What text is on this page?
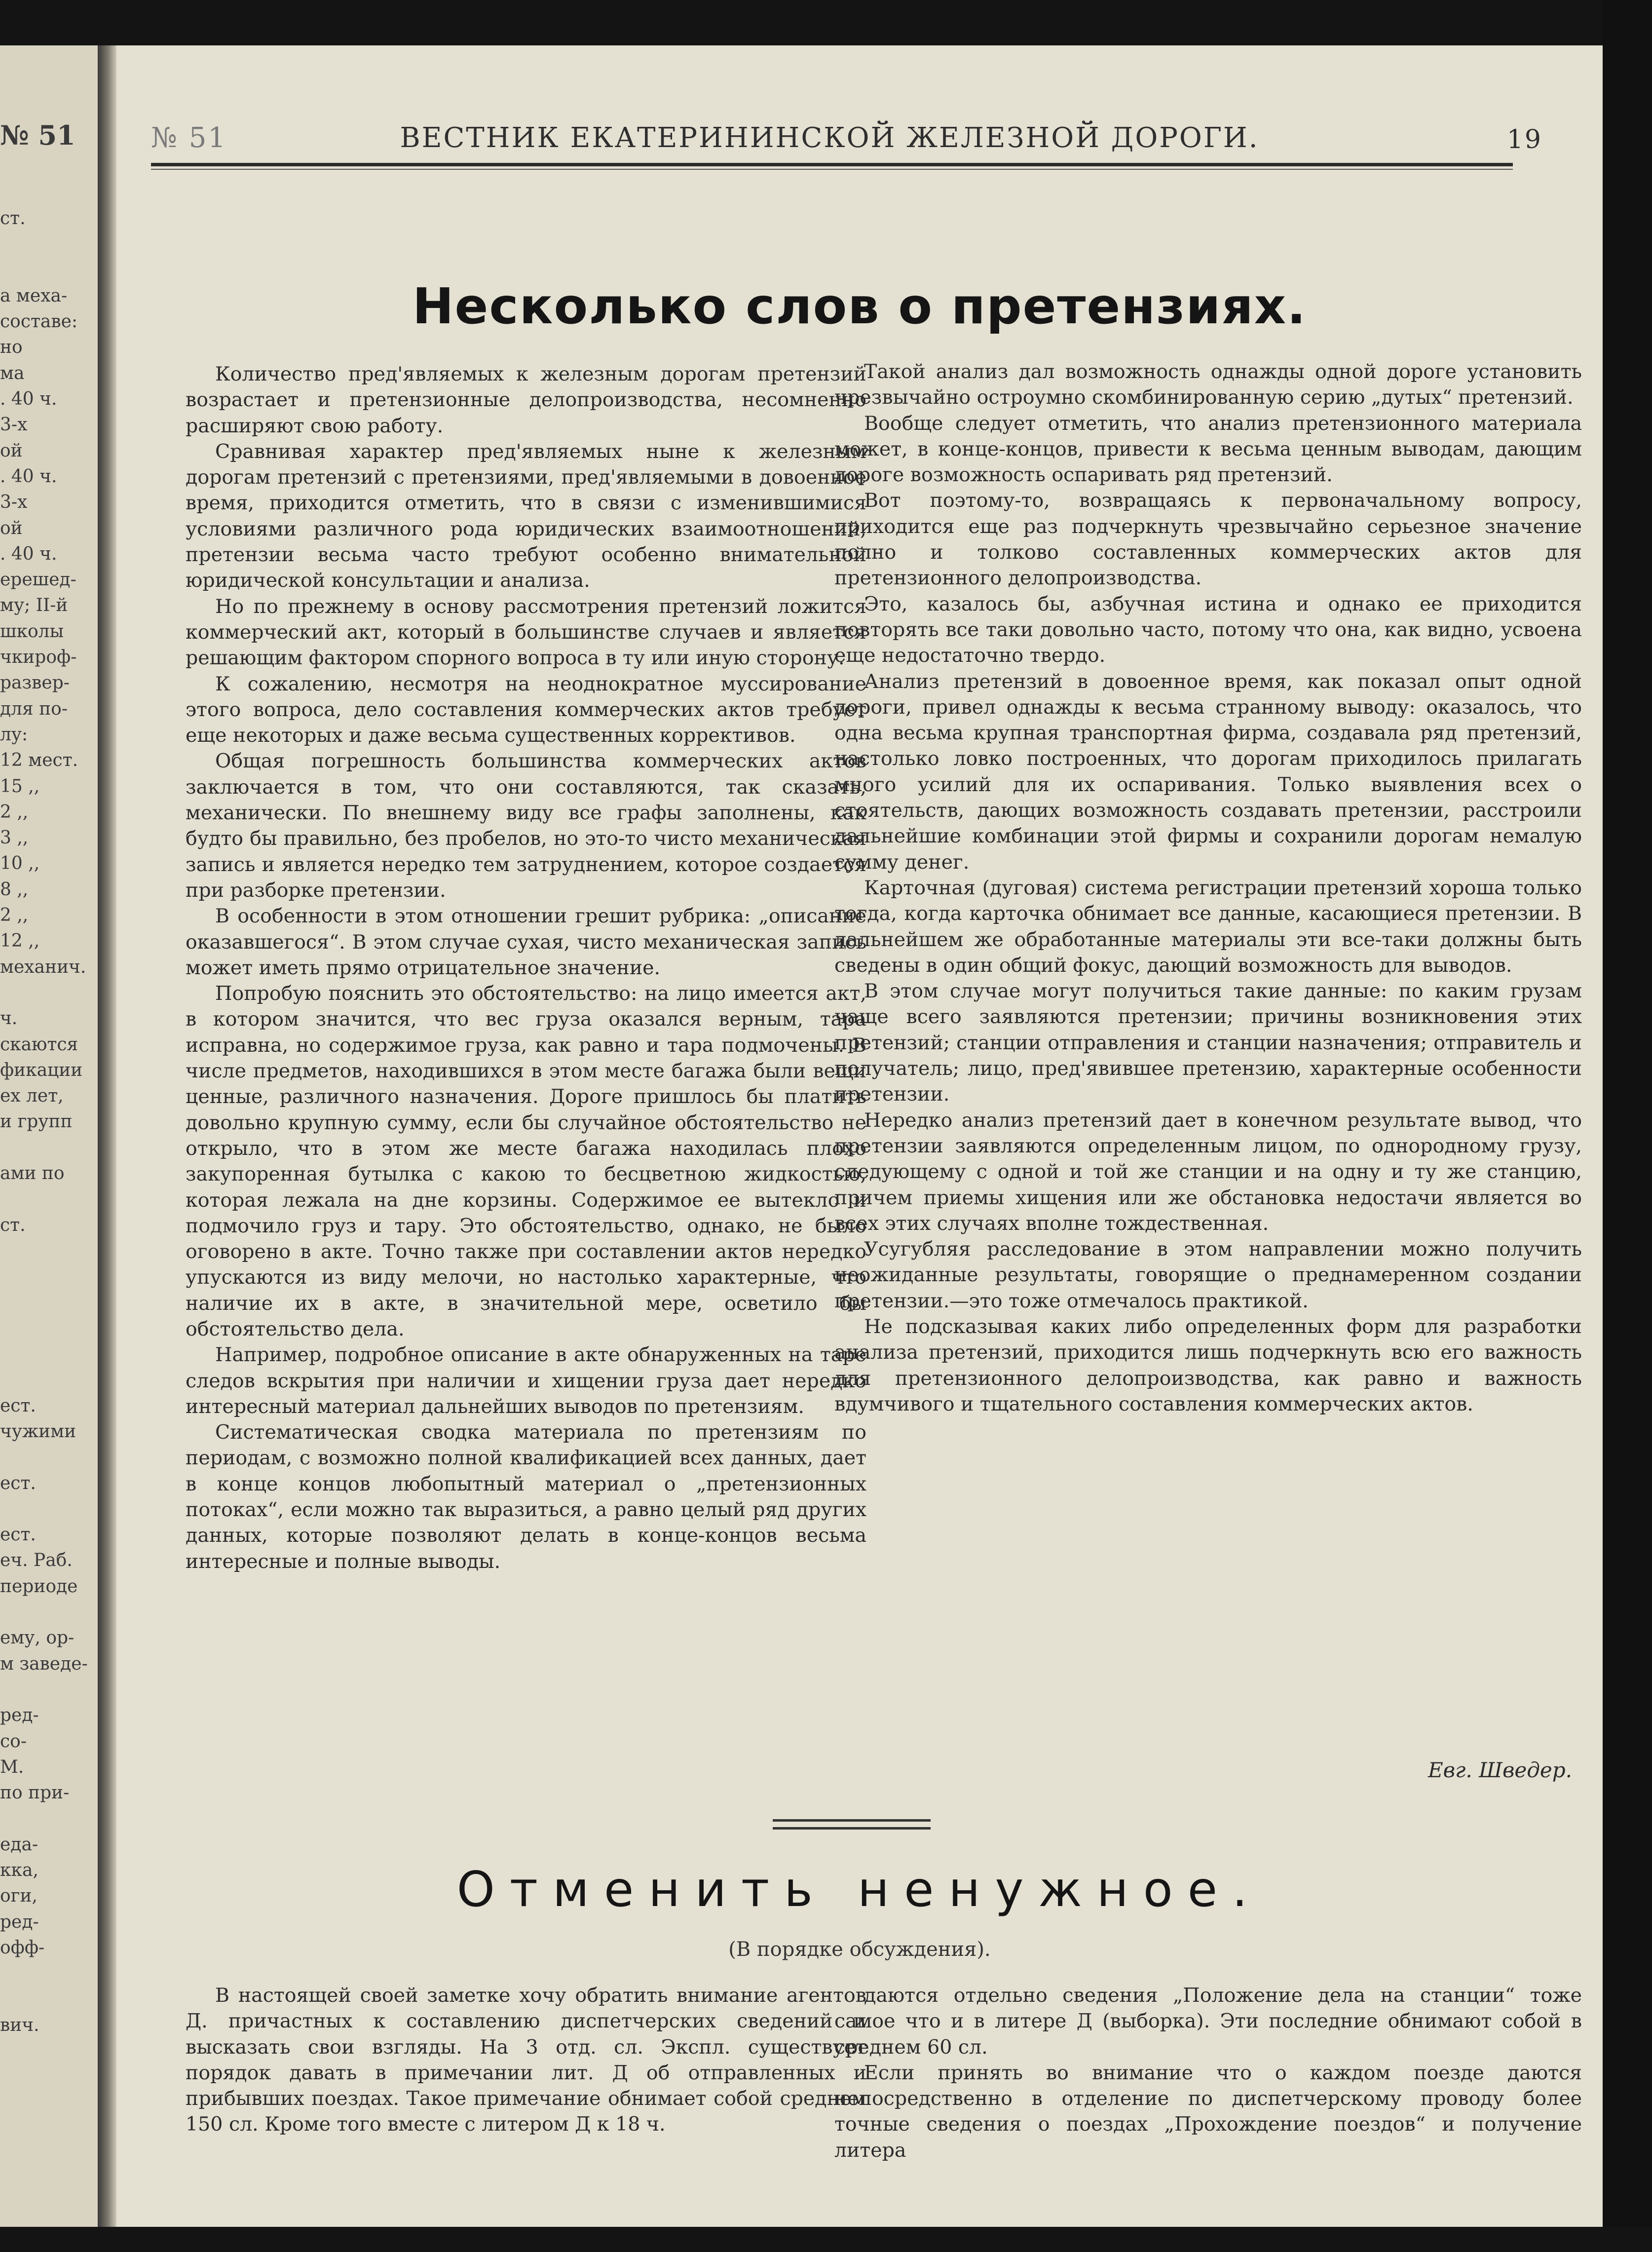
№ 51
ст.

а меха-
составе:
но
ма
. 40 ч.
3-х
ой
. 40 ч.
3-х
ой
. 40 ч.
ерешед-
му; II-й
школы
чкироф-
развер-
для по-
лу:
12 мест.
15 ,,
2 ,,
3 ,,
10 ,,
8 ,,
2 ,,
12 ,,
механич.

ч.
скаются
фикации
ех лет,
и групп

ами по

ст.

ест.
чужими

ест.

ест.
еч. Раб.
периоде

ему, ор-
м заведе-

ред-
со-
М.
по при-

еда-
кка,
оги,
ред-
офф-

вич.
№ 51	ВЕСТНИК ЕКАТЕРИНИНСКОЙ ЖЕЛЕЗНОЙ ДОРОГИ.	19
Несколько слов о претензиях.

Количество пред'являемых к железным дорогам претензий возрастает и претензионные делопроизводства, несомненно расширяют свою работу.

Сравнивая характер пред'являемых ныне к железным дорогам претензий с претензиями, пред'являемыми в довоенное время, приходится отметить, что в связи с изменившимися условиями различного рода юридических взаимоотношений, претензии весьма часто требуют особенно внимательной юридической консультации и анализа.

Но по прежнему в основу рассмотрения претензий ложится коммерческий акт, который в большинстве случаев и является решающим фактором спорного вопроса в ту или иную сторону.

К сожалению, несмотря на неоднократное муссирование этого вопроса, дело составления коммерческих актов требует еще некоторых и даже весьма существенных коррективов.

Общая погрешность большинства коммерческих актов заключается в том, что они составляются, так сказать, механически. По внешнему виду все графы заполнены, как будто бы правильно, без пробелов, но это-то чисто механическая запись и является нередко тем затруднением, которое создается при разборке претензии.

В особенности в этом отношении грешит рубрика: „описание оказавшегося“. В этом случае сухая, чисто механическая запись может иметь прямо отрицательное значение.

Попробую пояснить это обстоятельство: на лицо имеется акт, в котором значится, что вес груза оказался верным, тара исправна, но содержимое груза, как равно и тара подмочены. В числе предметов, находившихся в этом месте багажа были вещи ценные, различного назначения. Дороге пришлось бы платить довольно крупную сумму, если бы случайное обстоятельство не открыло, что в этом же месте багажа находилась плохо закупоренная бутылка с какою то бесцветною жидкостью, которая лежала на дне корзины. Содержимое ее вытекло и подмочило груз и тару. Это обстоятельство, однако, не было оговорено в акте. Точно также при составлении актов нередко упускаются из виду мелочи, но настолько характерные, что наличие их в акте, в значительной мере, осветило бы обстоятельство дела.

Например, подробное описание в акте обнаруженных на таре следов вскрытия при наличии и хищении груза дает нередко интересный материал дальнейших выводов по претензиям.

Систематическая сводка материала по претензиям по периодам, с возможно полной квалификацией всех данных, дает в конце концов любопытный материал о „претензионных потоках“, если можно так выразиться, а равно целый ряд других данных, которые позволяют делать в конце-концов весьма интересные и полные выводы.

Такой анализ дал возможность однажды одной дороге установить чрезвычайно остроумно скомбинированную серию „дутых“ претензий.

Вообще следует отметить, что анализ претензионного материала может, в конце-концов, привести к весьма ценным выводам, дающим дороге возможность оспаривать ряд претензий.

Вот поэтому-то, возвращаясь к первоначальному вопросу, приходится еще раз подчеркнуть чрезвычайно серьезное значение полно и толково составленных коммерческих актов для претензионного делопроизводства.

Это, казалось бы, азбучная истина и однако ее приходится повторять все таки довольно часто, потому что она, как видно, усвоена еще недостаточно твердо.

Анализ претензий в довоенное время, как показал опыт одной дороги, привел однажды к весьма странному выводу: оказалось, что одна весьма крупная транспортная фирма, создавала ряд претензий, настолько ловко построенных, что дорогам приходилось прилагать много усилий для их оспаривания. Только выявления всех о стоятельств, дающих возможность создавать претензии, расстроили дальнейшие комбинации этой фирмы и сохранили дорогам немалую сумму денег.

Карточная (дуговая) система регистрации претензий хороша только тогда, когда карточка обнимает все данные, касающиеся претензии. В дальнейшем же обработанные материалы эти все-таки должны быть сведены в один общий фокус, дающий возможность для выводов.

В этом случае могут получиться такие данные: по каким грузам чаще всего заявляются претензии; причины возникновения этих претензий; станции отправления и станции назначения; отправитель и получатель; лицо, пред'явившее претензию, характерные особенности претензии.

Нередко анализ претензий дает в конечном результате вывод, что претензии заявляются определенным лицом, по однородному грузу, следующему с одной и той же станции и на одну и ту же станцию, причем приемы хищения или же обстановка недостачи является во всех этих случаях вполне тождественная.

Усугубляя расследование в этом направлении можно получить неожиданные результаты, говорящие о преднамеренном создании претензии.—это тоже отмечалось практикой.

Не подсказывая каких либо определенных форм для разработки анализа претензий, приходится лишь подчеркнуть всю его важность для претензионного делопроизводства, как равно и важность вдумчивого и тщательного составления коммерческих актов.

Евг. Шведер.
Отменить ненужное.
(В порядке обсуждения).

В настоящей своей заметке хочу обратить внимание агентов Д. причастных к составлению диспетчерских сведений и высказать свои взгляды. На 3 отд. сл. Экспл. существует порядок давать в примечании лит. Д об отправленных и прибывших поездах. Такое примечание обнимает собой среднем 150 сл. Кроме того вместе с литером Д к 18 ч.

даются отдельно сведения „Положение дела на станции“ тоже самое что и в литере Д (выборка). Эти последние обнимают собой в среднем 60 сл.

Если принять во внимание что о каждом поезде даются непосредственно в отделение по диспетчерскому проводу более точные сведения о поездах „Прохождение поездов“ и получение литера
